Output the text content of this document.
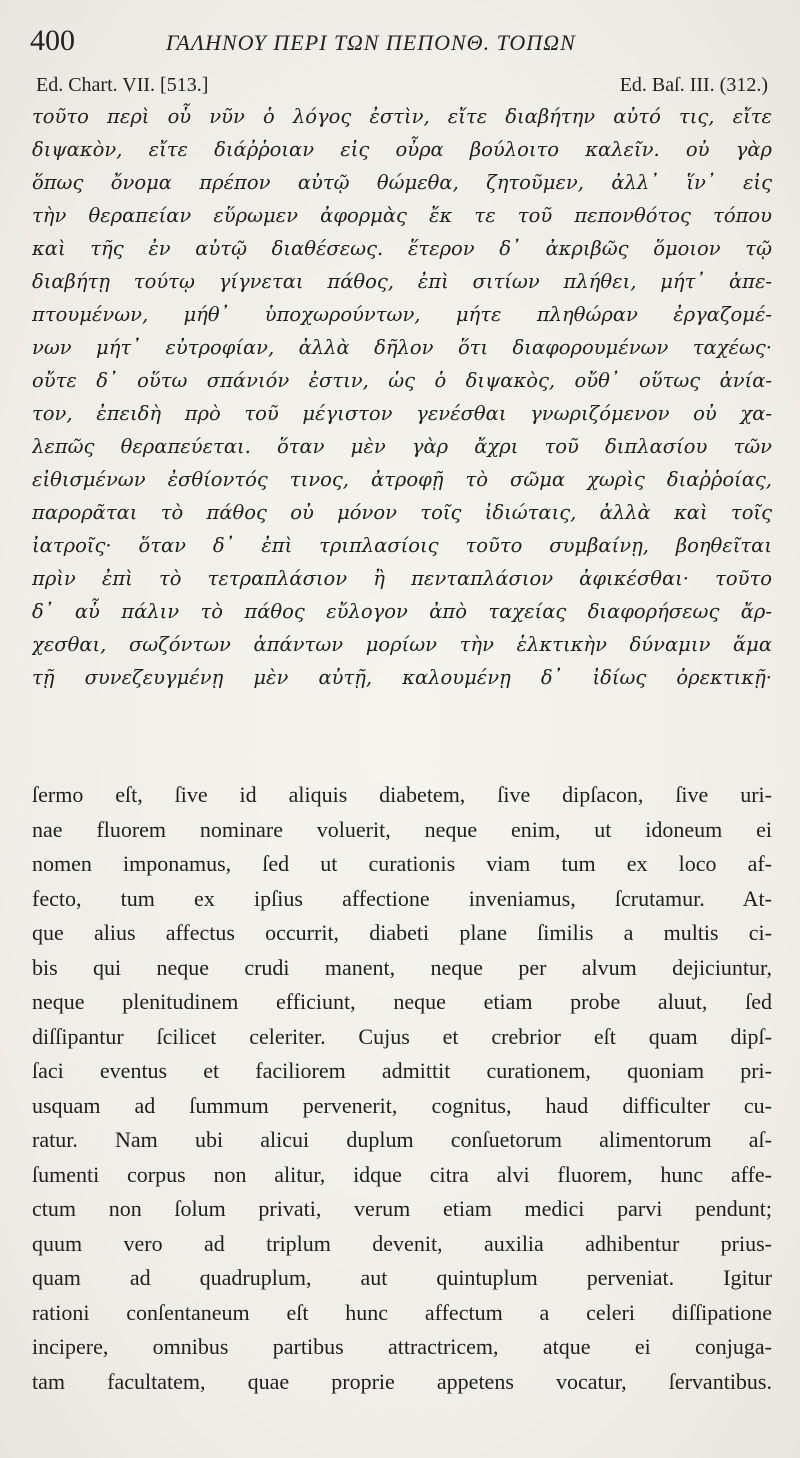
400	ΓΑΛΗΝΟΥ ΠΕΡΙ ΤΩΝ ΠΕΠΟΝΘ. ΤΟΠΩΝ
Ed. Chart. VII. [513.]	Ed. Baſ. III. (312.)
τοῦτο περὶ οὗ νῦν ὁ λόγος ἐστὶν, εἴτε διαβήτην αὐτό τις, εἴτε
διψακὸν, εἴτε διάῤῥοιαν εἰς οὖρα βούλοιτο καλεῖν. οὐ γὰρ
ὅπως ὄνομα πρέπον αὐτῷ θώμεθα, ζητοῦμεν, ἀλλ᾽ ἵν᾽ εἰς
τὴν θεραπείαν εὕρωμεν ἀφορμὰς ἔκ τε τοῦ πεπονθότος τόπου
καὶ τῆς ἐν αὐτῷ διαθέσεως. ἕτερον δ᾽ ἀκριβῶς ὅμοιον τῷ
διαβήτῃ τούτῳ γίγνεται πάθος, ἐπὶ σιτίων πλήθει, μήτ᾽ ἀπε-
πτουμένων, μήθ᾽ ὑποχωρούντων, μήτε πληθώραν ἐργαζομέ-
νων μήτ᾽ εὐτροφίαν, ἀλλὰ δῆλον ὅτι διαφορουμένων ταχέως·
οὔτε δ᾽ οὕτω σπάνιόν ἐστιν, ὡς ὁ διψακὸς, οὔθ᾽ οὕτως ἀνία-
τον, ἐπειδὴ πρὸ τοῦ μέγιστον γενέσθαι γνωριζόμενον οὐ χα-
λεπῶς θεραπεύεται. ὅταν μὲν γὰρ ἄχρι τοῦ διπλασίου τῶν
εἰθισμένων ἐσθίοντός τινος, ἀτροφῇ τὸ σῶμα χωρὶς διαῤῥοίας,
παρορᾶται τὸ πάθος οὐ μόνον τοῖς ἰδιώταις, ἀλλὰ καὶ τοῖς
ἰατροῖς· ὅταν δ᾽ ἐπὶ τριπλασίοις τοῦτο συμβαίνῃ, βοηθεῖται
πρὶν ἐπὶ τὸ τετραπλάσιον ἢ πενταπλάσιον ἀφικέσθαι· τοῦτο
δ᾽ αὖ πάλιν τὸ πάθος εὔλογον ἀπὸ ταχείας διαφορήσεως ἄρ-
χεσθαι, σωζόντων ἁπάντων μορίων τὴν ἑλκτικὴν δύναμιν ἅμα
τῇ συνεζευγμένῃ μὲν αὐτῇ, καλουμένῃ δ᾽ ἰδίως ὀρεκτικῇ·
ſermo eſt, ſive id aliquis diabetem, ſive dipſacon, ſive uri-
nae fluorem nominare voluerit, neque enim, ut idoneum ei
nomen imponamus, ſed ut curationis viam tum ex loco af-
fecto, tum ex ipſius affectione inveniamus, ſcrutamur. At-
que alius affectus occurrit, diabeti plane ſimilis a multis ci-
bis qui neque crudi manent, neque per alvum dejiciuntur,
neque plenitudinem efficiunt, neque etiam probe aluut, ſed
diſſipantur ſcilicet celeriter. Cujus et crebrior eſt quam dipſ-
ſaci eventus et faciliorem admittit curationem, quoniam pri-
usquam ad ſummum pervenerit, cognitus, haud difficulter cu-
ratur. Nam ubi alicui duplum conſuetorum alimentorum aſ-
ſumenti corpus non alitur, idque citra alvi fluorem, hunc affe-
ctum non ſolum privati, verum etiam medici parvi pendunt;
quum vero ad triplum devenit, auxilia adhibentur prius-
quam ad quadruplum, aut quintuplum perveniat. Igitur
rationi conſentaneum eſt hunc affectum a celeri diſſipatione
incipere, omnibus partibus attractricem, atque ei conjuga-
tam facultatem, quae proprie appetens vocatur, ſervantibus.
